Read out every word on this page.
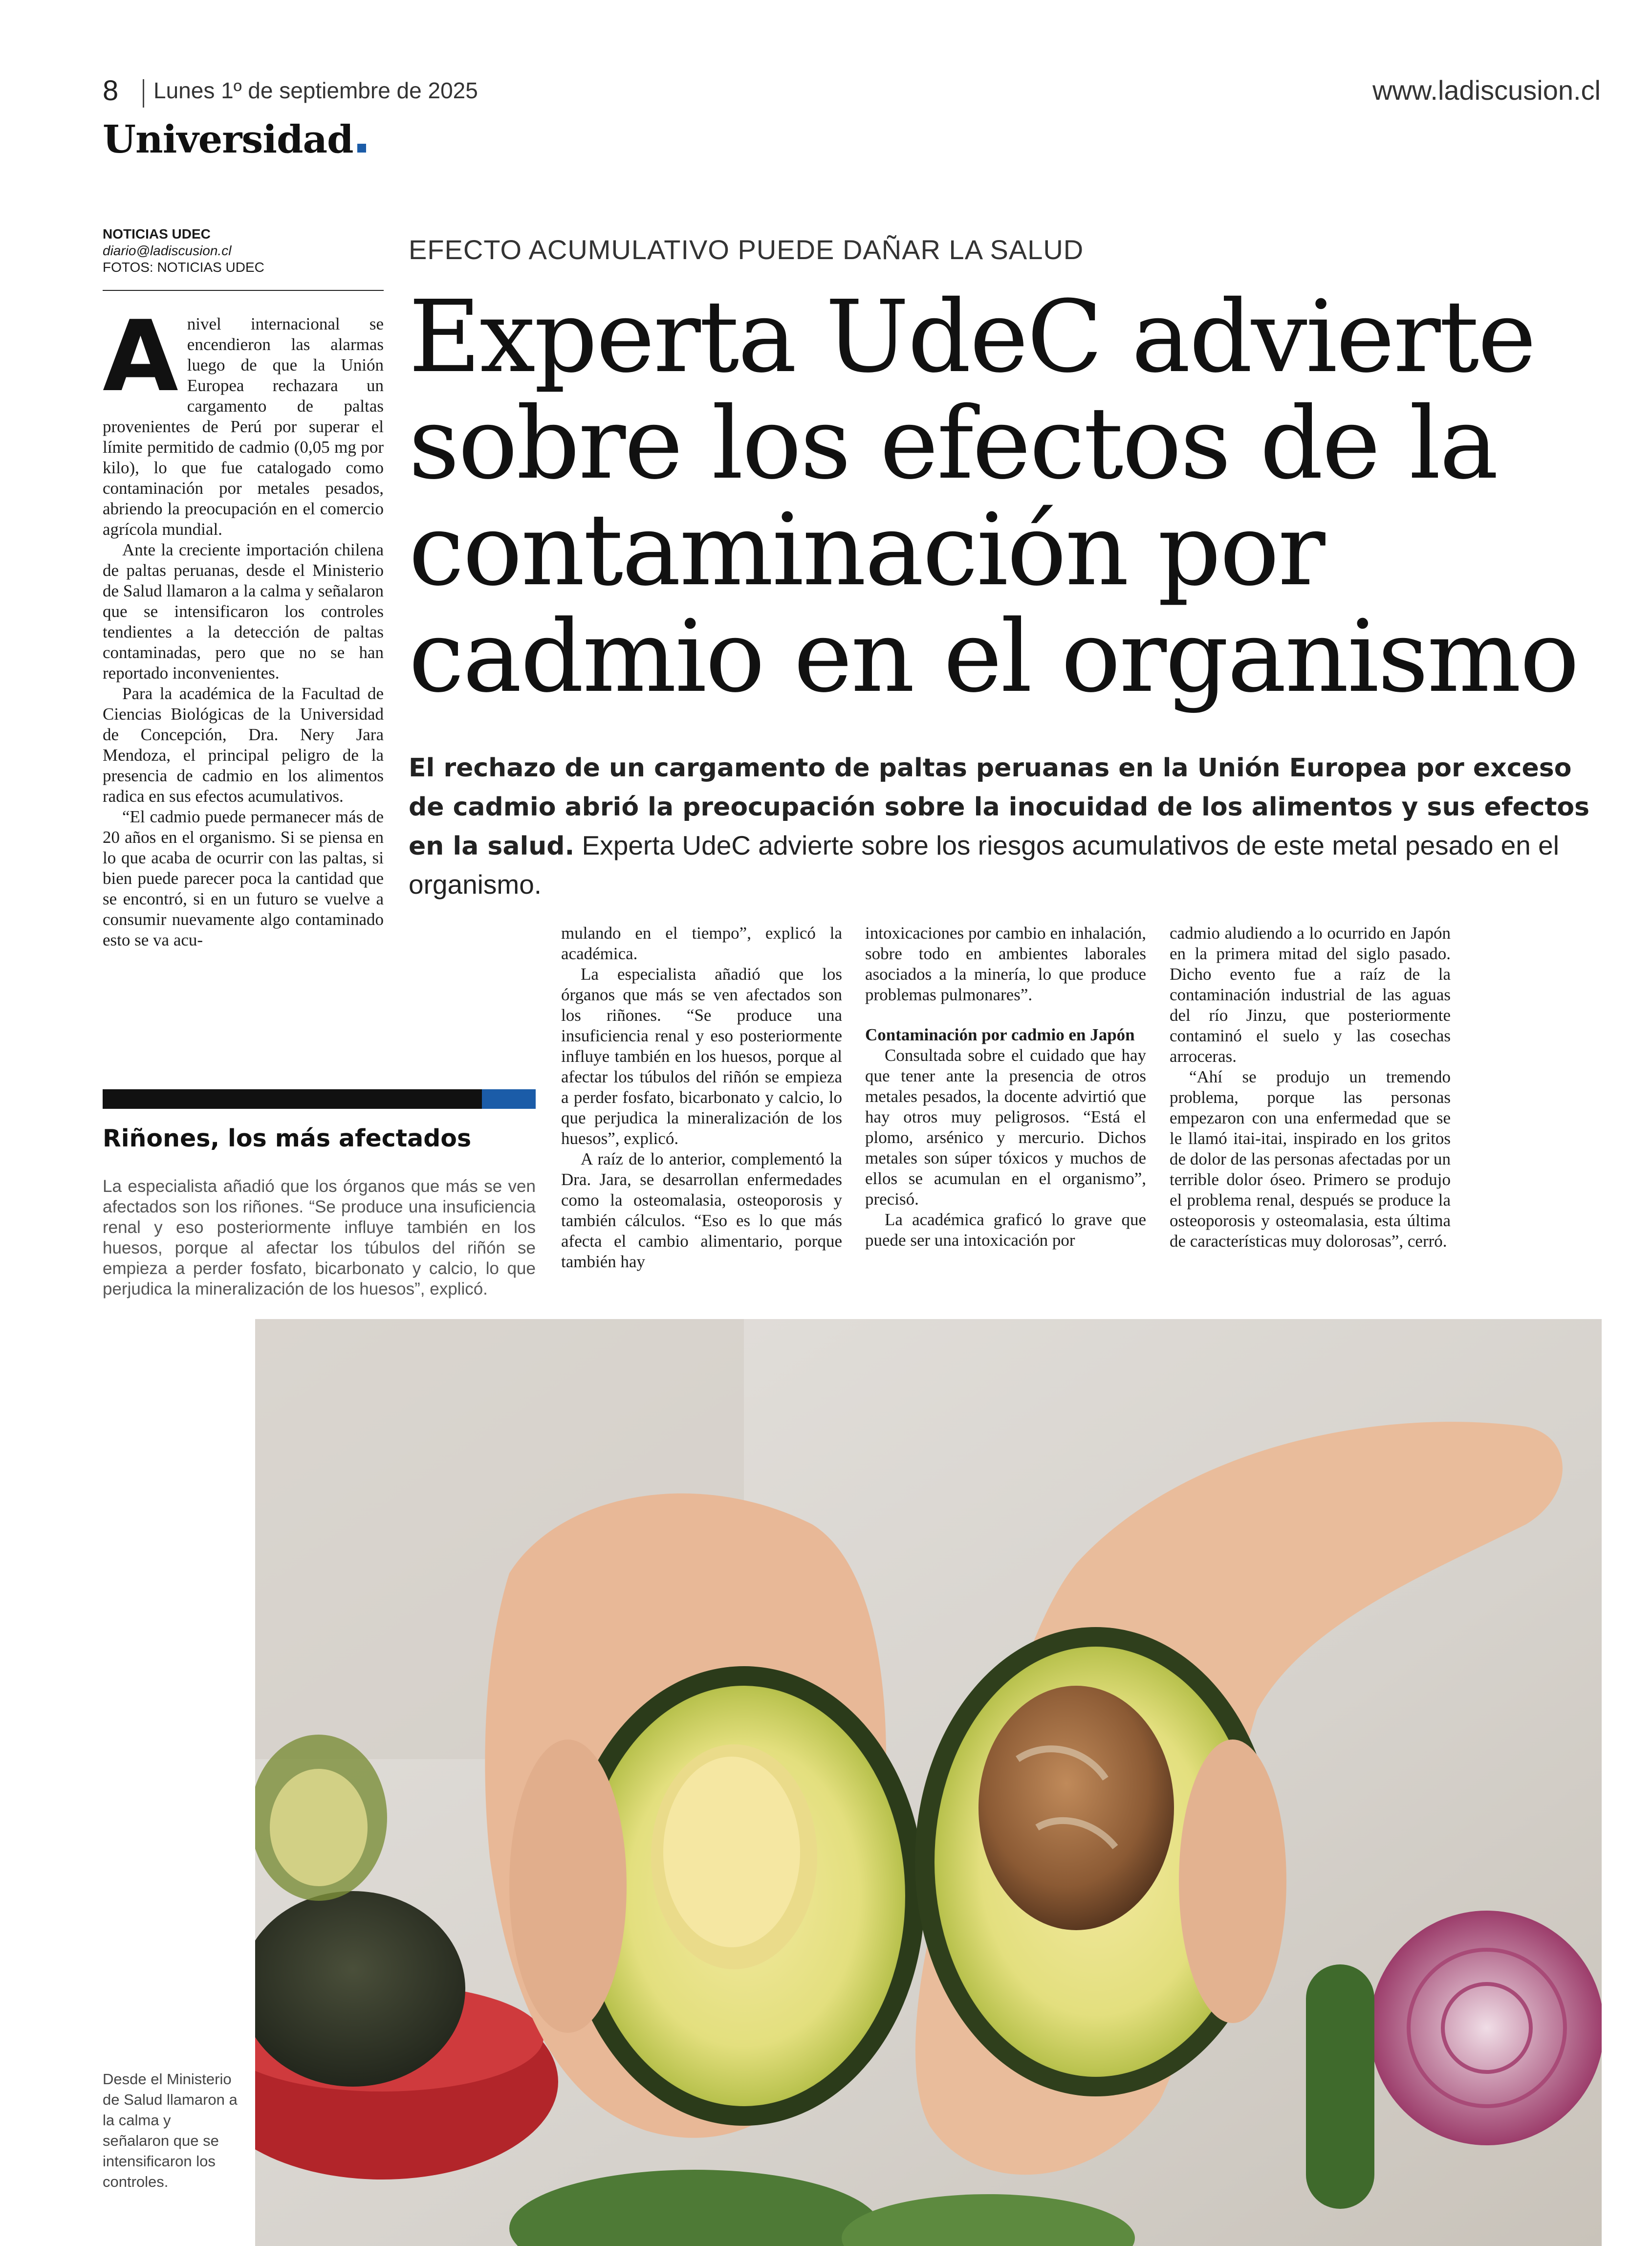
8 Lunes 1º de septiembre de 2025	www.ladiscusion.cl
Universidad
NOTICIAS UDEC
diario@ladiscusion.cl
FOTOS: NOTICIAS UDEC
EFECTO ACUMULATIVO PUEDE DAÑAR LA SALUD
Experta UdeC advierte sobre los efectos de la contaminación por cadmio en el organismo
El rechazo de un cargamento de paltas peruanas en la Unión Europea por exceso de cadmio abrió la preocupación sobre la inocuidad de los alimentos y sus efectos en la salud. Experta UdeC advierte sobre los riesgos acumulativos de este metal pesado en el organismo.
A nivel internacional se encendieron las alarmas luego de que la Unión Europea rechazara un cargamento de paltas provenientes de Perú por superar el límite permitido de cadmio (0,05 mg por kilo), lo que fue catalogado como contaminación por metales pesados, abriendo la preocupación en el comercio agrícola mundial.

Ante la creciente importación chilena de paltas peruanas, desde el Ministerio de Salud llamaron a la calma y señalaron que se intensificaron los controles tendientes a la detección de paltas contaminadas, pero que no se han reportado inconvenientes.

Para la académica de la Facultad de Ciencias Biológicas de la Universidad de Concepción, Dra. Nery Jara Mendoza, el principal peligro de la presencia de cadmio en los alimentos radica en sus efectos acumulativos.

“El cadmio puede permanecer más de 20 años en el organismo. Si se piensa en lo que acaba de ocurrir con las paltas, si bien puede parecer poca la cantidad que se encontró, si en un futuro se vuelve a consumir nuevamente algo contaminado esto se va acu-	mulando en el tiempo”, explicó la académica.

La especialista añadió que los órganos que más se ven afectados son los riñones. “Se produce una insuficiencia renal y eso posteriormente influye también en los huesos, porque al afectar los túbulos del riñón se empieza a perder fosfato, bicarbonato y calcio, lo que perjudica la mineralización de los huesos”, explicó.

A raíz de lo anterior, complementó la Dra. Jara, se desarrollan enfermedades como la osteomalasia, osteoporosis y también cálculos. “Eso es lo que más afecta el cambio alimentario, porque también hay

intoxicaciones por cambio en inhalación, sobre todo en ambientes laborales asociados a la minería, lo que produce problemas pulmonares”.

Contaminación por cadmio en Japón

Consultada sobre el cuidado que hay que tener ante la presencia de otros metales pesados, la docente advirtió que hay otros muy peligrosos. “Está el plomo, arsénico y mercurio. Dichos metales son súper tóxicos y muchos de ellos se acumulan en el organismo”, precisó.

La académica graficó lo grave que puede ser una intoxicación por

cadmio aludiendo a lo ocurrido en Japón en la primera mitad del siglo pasado. Dicho evento fue a raíz de la contaminación industrial de las aguas del río Jinzu, que posteriormente contaminó el suelo y las cosechas arroceras.

“Ahí se produjo un tremendo problema, porque las personas empezaron con una enfermedad que se le llamó itai-itai, inspirado en los gritos de dolor de las personas afectadas por un terrible dolor óseo. Primero se produjo el problema renal, después se produce la osteoporosis y osteomalasia, esta última de características muy dolorosas”, cerró.

Riñones, los más afectados
La especialista añadió que los órganos que más se ven afectados son los riñones. “Se produce una insuficiencia renal y eso posteriormente influye también en los huesos, porque al afectar los túbulos del riñón se empieza a perder fosfato, bicarbonato y calcio, lo que perjudica la mineralización de los huesos”, explicó.
Desde el Ministerio de Salud llamaron a la calma y señalaron que se intensificaron los controles.
